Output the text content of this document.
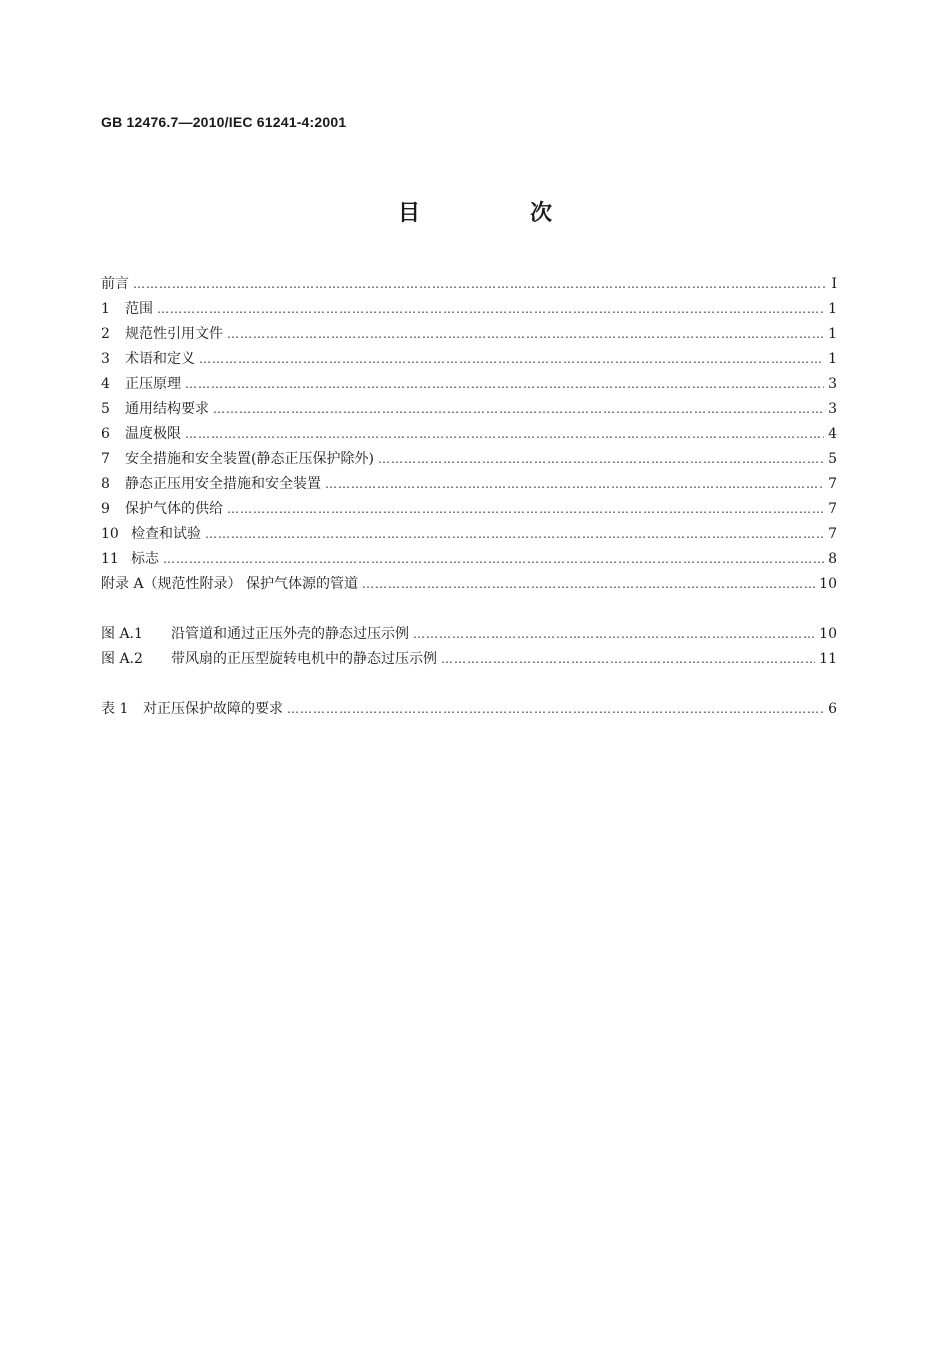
GB 12476.7—2010/IEC 61241-4:2001
目　次
前言 …………………………………………………………………………………………………………………………………………………………………………………………………………………………………	Ⅰ
1	范围 …………………………………………………………………………………………………………………………………………………………………………………………………………………………………	1
2	规范性引用文件 …………………………………………………………………………………………………………………………………………………………………………………………………………………………………	1
3	术语和定义 …………………………………………………………………………………………………………………………………………………………………………………………………………………………………	1
4	正压原理 …………………………………………………………………………………………………………………………………………………………………………………………………………………………………	3
5	通用结构要求 …………………………………………………………………………………………………………………………………………………………………………………………………………………………………	3
6	温度极限 …………………………………………………………………………………………………………………………………………………………………………………………………………………………………	4
7	安全措施和安全装置(静态正压保护除外) …………………………………………………………………………………………………………………………………………………………………………………………………………………………………	5
8	静态正压用安全措施和安全装置 …………………………………………………………………………………………………………………………………………………………………………………………………………………………………	7
9	保护气体的供给 …………………………………………………………………………………………………………………………………………………………………………………………………………………………………	7
10 检查和试验 …………………………………………………………………………………………………………………………………………………………………………………………………………………………………	7
11 标志 …………………………………………………………………………………………………………………………………………………………………………………………………………………………………	8
附录 A（规范性附录） 保护气体源的管道 …………………………………………………………………………………………………………………………………………………………………………………………………………………………………	10
图 A.1	沿管道和通过正压外壳的静态过压示例 …………………………………………………………………………………………………………………………………………………………………………………………………………………………………	10
图 A.2	带风扇的正压型旋转电机中的静态过压示例 …………………………………………………………………………………………………………………………………………………………………………………………………………………………………	11
表 1	对正压保护故障的要求 …………………………………………………………………………………………………………………………………………………………………………………………………………………………………	6
